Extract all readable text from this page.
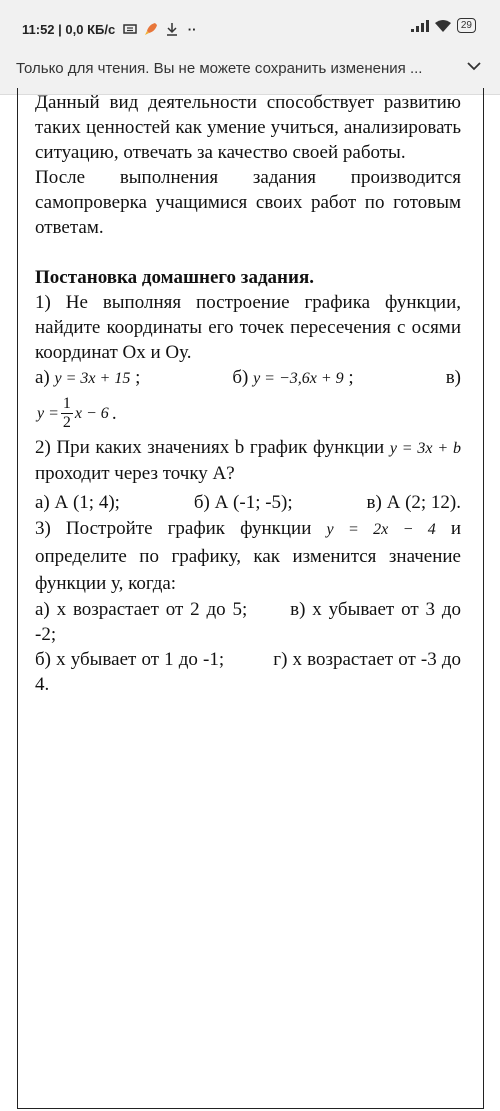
11:52 | 0,0 КБ/с	··	29
Только для чтения. Вы не можете сохранить изменения ...

Данный вид деятельности способствует развитию таких ценностей как умение учиться, анализировать ситуацию, отвечать за качество своей работы.

После выполнения задания производится самопроверка учащимися своих работ по готовым ответам.

Постановка домашнего задания.

1) Не выполняя построение графика функции, найдите координаты его точек пересечения с осями координат Ох и Оу.

а) y = 3x + 15 ;	б) y = −3,6x + 9 ;	в)
$y = \frac{1}{2}$ x − 6 .

2) При каких значениях b график функции y = 3x + b проходит через точку А?

а) А (1; 4);	б) А (-1; -5);	в) А (2; 12).

3) Постройте график функции y = 2x − 4 и определите по графику, как изменится значение функции у, когда:

а) х возрастает от 2 до 5; в) х убывает от 3 до -2;

б) х убывает от 1 до -1;	г) х возрастает от -3 до 4.
